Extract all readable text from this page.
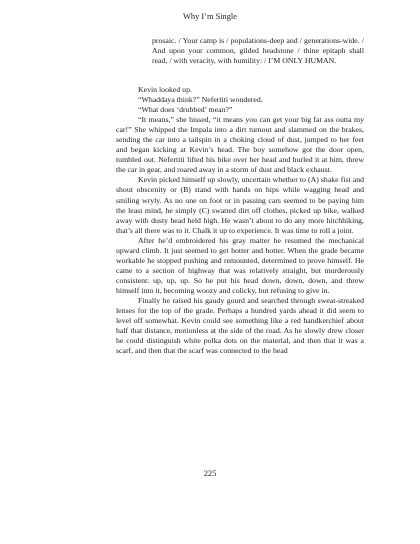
Why I’m Single
prosaic. / Your camp is / populations-deep and / generations-wide. / And upon your common, gilded headstone / thine epitaph shall read, / with veracity, with humility: / I’M ONLY HUMAN.

Kevin looked up.

“Whaddaya think?” Nefertiti wondered.

“What does ‘drubbed’ mean?”

“It means,” she hissed, “it means you can get your big fat ass outta my car!” She whipped the Impala into a dirt turnout and slammed on the brakes, sending the car into a tailspin in a choking cloud of dust, jumped to her feet and began kicking at Kevin’s head. The boy somehow got the door open, tumbled out. Nefertiti lifted his bike over her head and hurled it at him, threw the car in gear, and roared away in a storm of dust and black exhaust.

Kevin picked himself up slowly, uncertain whether to (A) shake fist and shout obscenity or (B) stand with hands on hips while wagging head and smiling wryly. As no one on foot or in passing cars seemed to be paying him the least mind, he simply (C) swatted dirt off clothes, picked up bike, walked away with dusty head held high. He wasn’t about to do any more hitchhiking, that’s all there was to it. Chalk it up to experience. It was time to roll a joint.

After he’d embroidered his gray matter he resumed the mechanical upward climb. It just seemed to get hotter and hotter. When the grade became workable he stopped pushing and remounted, determined to prove himself. He came to a section of highway that was relatively straight, but murderously consistent: up, up, up. So he put his head down, down, down, and threw himself into it, becoming woozy and colicky, but refusing to give in.

Finally he raised his gaudy gourd and searched through sweat-streaked lenses for the top of the grade. Perhaps a hundred yards ahead it did seem to level off somewhat. Kevin could see something like a red handkerchief about half that distance, motionless at the side of the road. As he slowly drew closer he could distinguish white polka dots on the material, and then that it was a scarf, and then that the scarf was connected to the head

225
